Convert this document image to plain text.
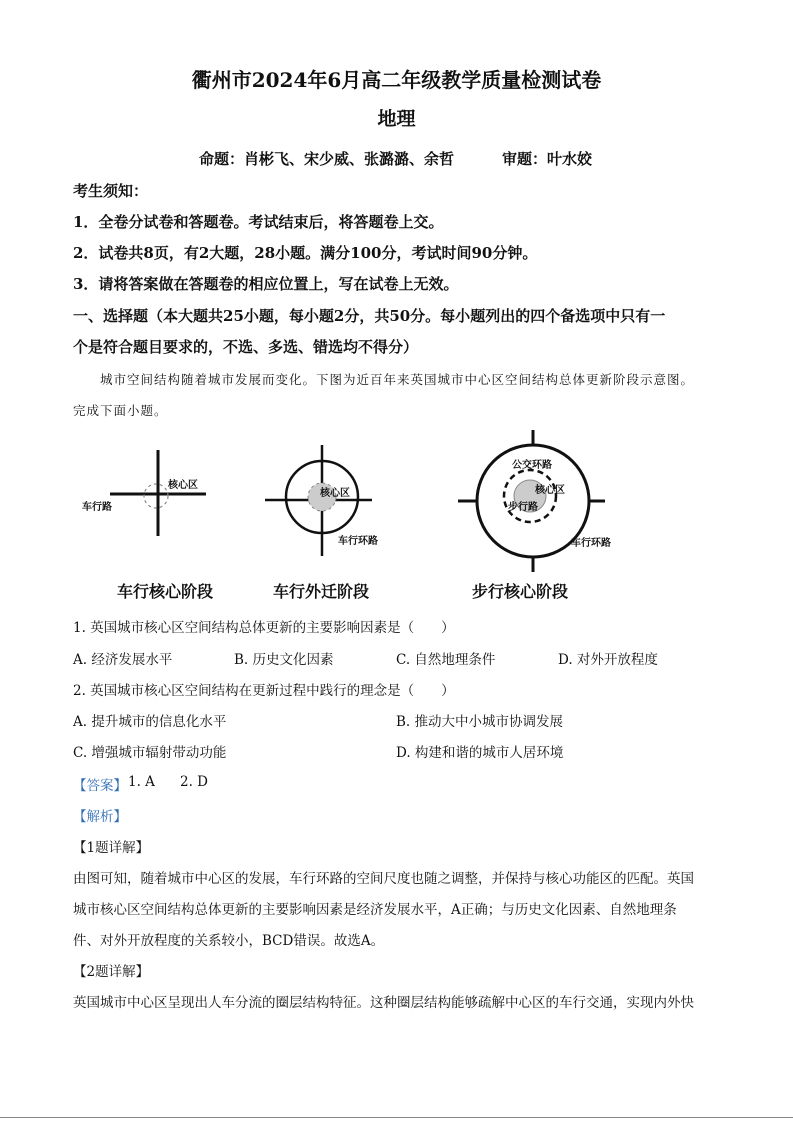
衢州市2024年6月高二年级教学质量检测试卷
地理
命题：肖彬飞、宋少威、张潞潞、余哲	审题：叶水姣
考生须知：
1．全卷分试卷和答题卷。考试结束后，将答题卷上交。
2．试卷共8页，有2大题，28小题。满分100分，考试时间90分钟。
3．请将答案做在答题卷的相应位置上，写在试卷上无效。
一、选择题（本大题共25小题，每小题2分，共50分。每小题列出的四个备选项中只有一
个是符合题目要求的，不选、多选、错选均不得分）
城市空间结构随着城市发展而变化。下图为近百年来英国城市中心区空间结构总体更新阶段示意图。
完成下面小题。
核心区
车行路
核心区
车行环路
公交环路
核心区
步行路
车行环路
车行核心阶段	车行外迁阶段	步行核心阶段
1. 英国城市核心区空间结构总体更新的主要影响因素是（　　）
A. 经济发展水平	B. 历史文化因素	C. 自然地理条件	D. 对外开放程度
2. 英国城市核心区空间结构在更新过程中践行的理念是（　　）
A. 提升城市的信息化水平	B. 推动大中小城市协调发展
C. 增强城市辐射带动功能	D. 构建和谐的城市人居环境
【答案】 1. A 2. D
【解析】
【1题详解】
由图可知，随着城市中心区的发展，车行环路的空间尺度也随之调整，并保持与核心功能区的匹配。英国
城市核心区空间结构总体更新的主要影响因素是经济发展水平，A正确；与历史文化因素、自然地理条
件、对外开放程度的关系较小，BCD错误。故选A。
【2题详解】
英国城市中心区呈现出人车分流的圈层结构特征。这种圈层结构能够疏解中心区的车行交通，实现内外快
